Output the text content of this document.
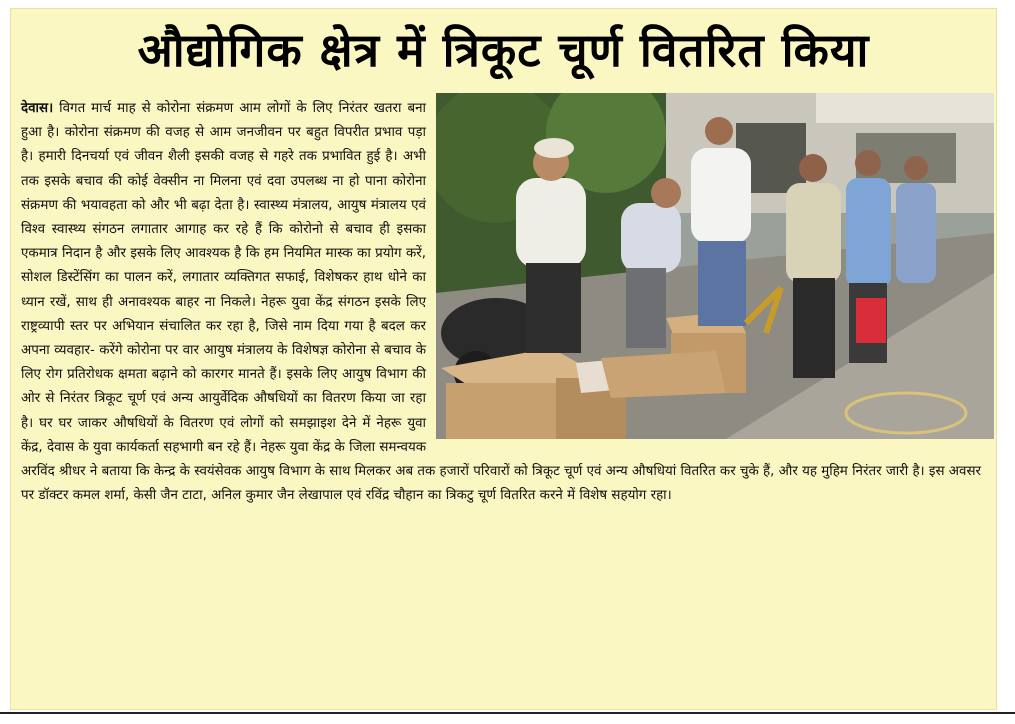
औद्योगिक क्षेत्र में त्रिकूट चूर्ण वितरित किया
देवास। विगत मार्च माह से कोरोना संक्रमण आम लोगों के लिए निरंतर खतरा बना हुआ है। कोरोना संक्रमण की वजह से आम जनजीवन पर बहुत विपरीत प्रभाव पड़ा है। हमारी दिनचर्या एवं जीवन शैली इसकी वजह से गहरे तक प्रभावित हुई है। अभी तक इसके बचाव की कोई वेक्सीन ना मिलना एवं दवा उपलब्ध ना हो पाना कोरोना संक्रमण की भयावहता को और भी बढ़ा देता है। स्वास्थ्य मंत्रालय, आयुष मंत्रालय एवं विश्व स्वास्थ्य संगठन लगातार आगाह कर रहे हैं कि कोरोनो से बचाव ही इसका एकमात्र निदान है और इसके लिए आवश्यक है कि हम नियमित मास्क का प्रयोग करें, सोशल डिस्टेंसिंग का पालन करें, लगातार व्यक्तिगत सफाई, विशेषकर हाथ धोने का ध्यान रखें, साथ ही अनावश्यक बाहर ना निकले। नेहरू युवा केंद्र संगठन इसके लिए राष्ट्रव्यापी स्तर पर अभियान संचालित कर रहा है, जिसे नाम दिया गया है बदल कर अपना व्यवहार- करेंगे कोरोना पर वार आयुष मंत्रालय के विशेषज्ञ कोरोना से बचाव के लिए रोग प्रतिरोधक क्षमता बढ़ाने को कारगर मानते हैं। इसके लिए आयुष विभाग की ओर से निरंतर त्रिकूट चूर्ण एवं अन्य आयुर्वेदिक औषधियों का वितरण किया जा रहा है। घर घर जाकर औषधियों के वितरण एवं लोगों को समझाइश देने में नेहरू युवा केंद्र, देवास के युवा कार्यकर्ता सहभागी बन रहे हैं। नेहरू युवा केंद्र के जिला समन्वयक अरविंद श्रीधर ने बताया कि केन्द्र के स्वयंसेवक आयुष विभाग के साथ मिलकर अब तक हजारों परिवारों को त्रिकूट चूर्ण एवं अन्य औषधियां वितरित कर चुके हैं, और यह मुहिम निरंतर जारी है। इस अवसर पर डॉक्टर कमल शर्मा, केसी जैन टाटा, अनिल कुमार जैन लेखापाल एवं रविंद्र चौहान का त्रिकटु चूर्ण वितरित करने में विशेष सहयोग रहा।
